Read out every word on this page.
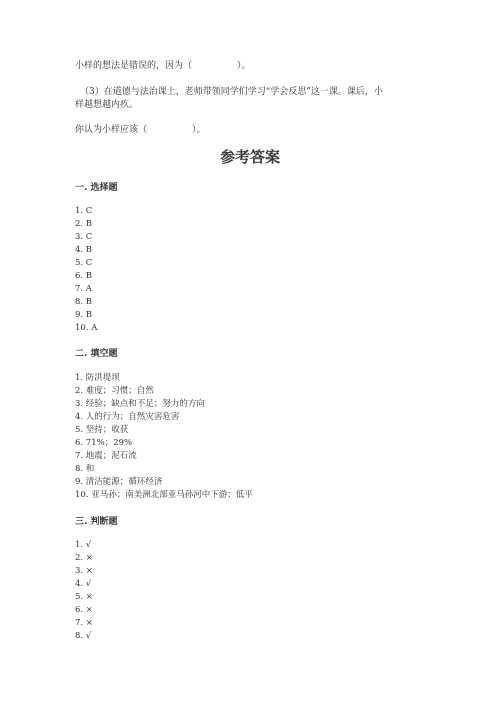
小样的想法是错误的，因为（　　　　　）。
（3）在道德与法治课上，老师带领同学们学习“学会反思”这一课。课后，小
样越想越内疚。
你认为小样应该（　　　　　）。
参考答案
一. 选择题
1. C
2. B
3. C
4. B
5. C
6. B
7. A
8. B
9. B
10. A
二. 填空题
1. 防洪堤坝
2. 难度；习惯；自然
3. 经验；缺点和不足；努力的方向
4. 人的行为；自然灾害危害
5. 坚持；收获
6. 71%；29%
7. 地震；泥石流
8. 和
9. 清洁能源；循环经济
10. 亚马孙；南美洲北部亚马孙河中下游；低平
三. 判断题
1. √
2. ×
3. ×
4. √
5. ×
6. ×
7. ×
8. √
